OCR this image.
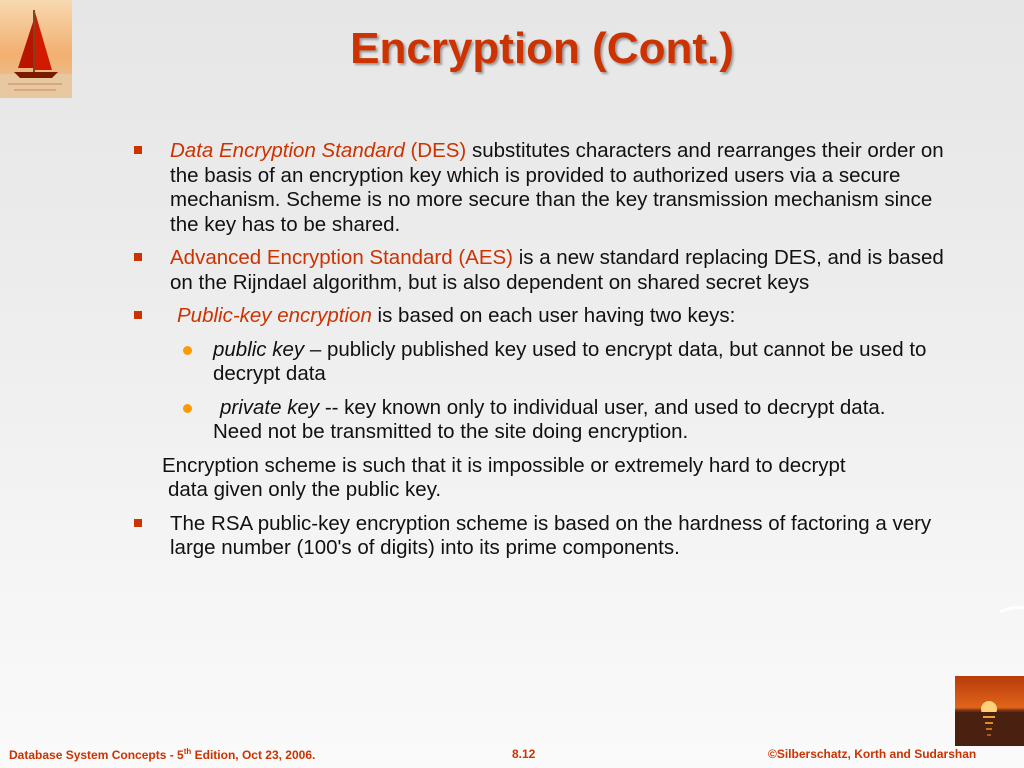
Encryption (Cont.)
Data Encryption Standard (DES) substitutes characters and rearranges their order on the basis of an encryption key which is provided to authorized users via a secure mechanism. Scheme is no more secure than the key transmission mechanism since the key has to be shared.
Advanced Encryption Standard (AES) is a new standard replacing DES, and is based on the Rijndael algorithm, but is also dependent on shared secret keys
Public-key encryption is based on each user having two keys:
public key – publicly published key used to encrypt data, but cannot be used to decrypt data
private key -- key known only to individual user, and used to decrypt data.
Need not be transmitted to the site doing encryption.
Encryption scheme is such that it is impossible or extremely hard to decrypt
data given only the public key.
The RSA public-key encryption scheme is based on the hardness of factoring a very large number (100's of digits) into its prime components.
Database System Concepts - 5th Edition, Oct 23, 2006.	8.12	©Silberschatz, Korth and Sudarshan
